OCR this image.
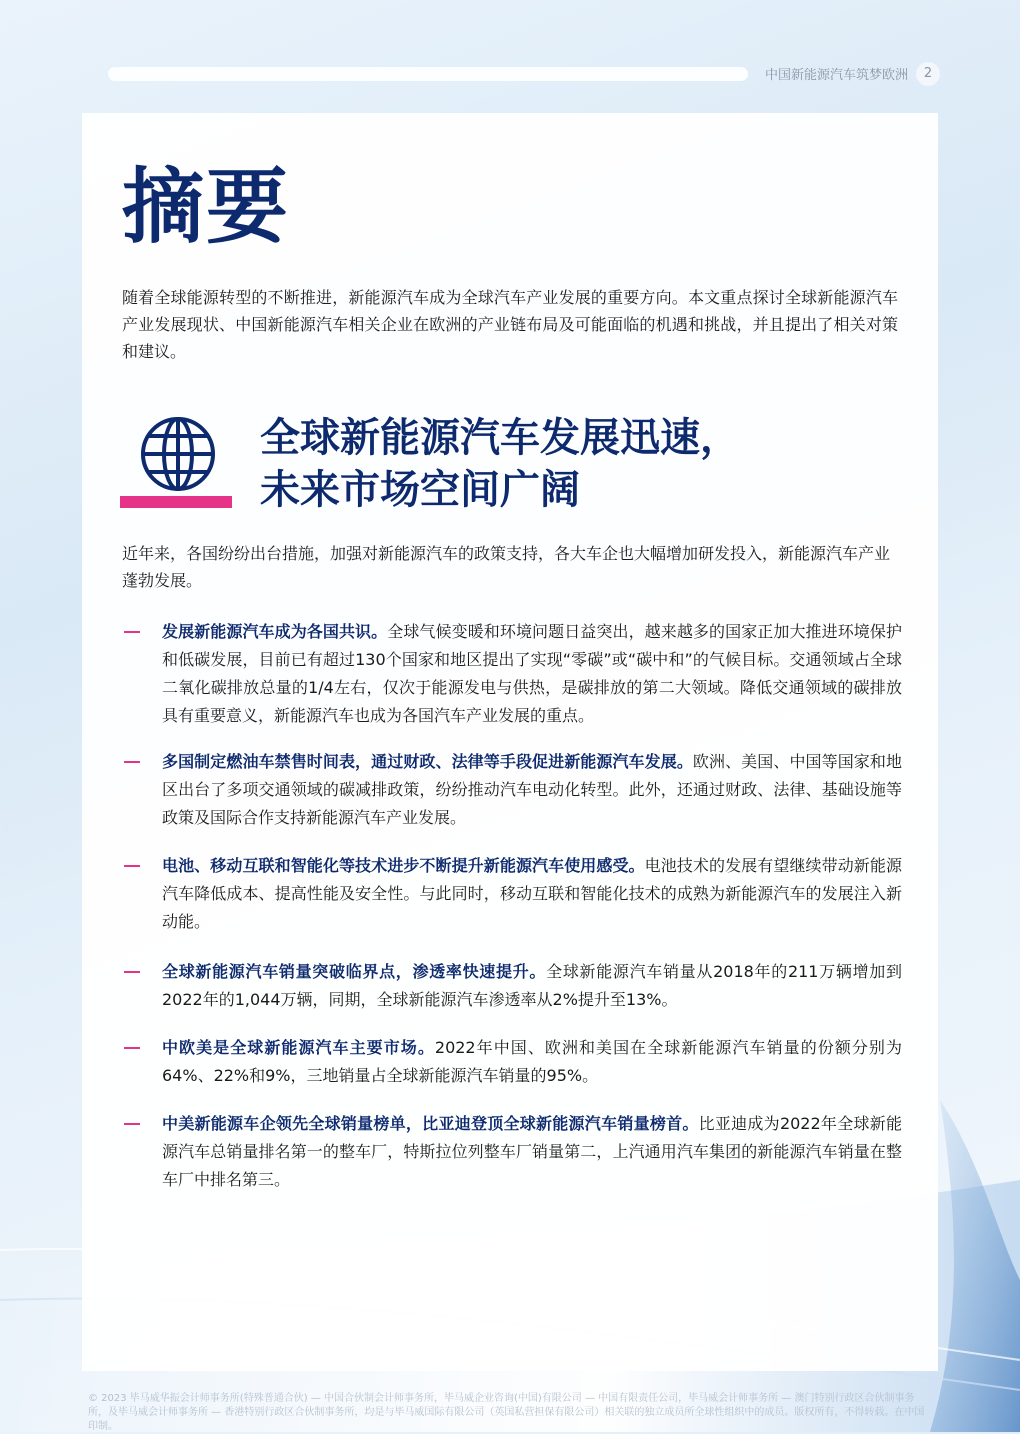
中国新能源汽车筑梦欧洲	2
摘要

随着全球能源转型的不断推进，新能源汽车成为全球汽车产业发展的重要方向。本文重点探讨全球新能源汽车产业发展现状、中国新能源汽车相关企业在欧洲的产业链布局及可能面临的机遇和挑战，并且提出了相关对策和建议。

全球新能源汽车发展迅速，
未来市场空间广阔

近年来，各国纷纷出台措施，加强对新能源汽车的政策支持，各大车企也大幅增加研发投入，新能源汽车产业蓬勃发展。

发展新能源汽车成为各国共识。全球气候变暖和环境问题日益突出，越来越多的国家正加大推进环境保护和低碳发展，目前已有超过130个国家和地区提出了实现“零碳”或“碳中和”的气候目标。交通领域占全球二氧化碳排放总量的1/4左右，仅次于能源发电与供热，是碳排放的第二大领域。降低交通领域的碳排放具有重要意义，新能源汽车也成为各国汽车产业发展的重点。
多国制定燃油车禁售时间表，通过财政、法律等手段促进新能源汽车发展。欧洲、美国、中国等国家和地区出台了多项交通领域的碳减排政策，纷纷推动汽车电动化转型。此外，还通过财政、法律、基础设施等政策及国际合作支持新能源汽车产业发展。
电池、移动互联和智能化等技术进步不断提升新能源汽车使用感受。电池技术的发展有望继续带动新能源汽车降低成本、提高性能及安全性。与此同时，移动互联和智能化技术的成熟为新能源汽车的发展注入新动能。
全球新能源汽车销量突破临界点，渗透率快速提升。全球新能源汽车销量从2018年的211万辆增加到2022年的1,044万辆，同期，全球新能源汽车渗透率从2%提升至13%。
中欧美是全球新能源汽车主要市场。2022年中国、欧洲和美国在全球新能源汽车销量的份额分别为64%、22%和9%，三地销量占全球新能源汽车销量的95%。
中美新能源车企领先全球销量榜单，比亚迪登顶全球新能源汽车销量榜首。比亚迪成为2022年全球新能源汽车总销量排名第一的整车厂，特斯拉位列整车厂销量第二，上汽通用汽车集团的新能源汽车销量在整车厂中排名第三。

© 2023 毕马威华振会计师事务所(特殊普通合伙) — 中国合伙制会计师事务所，毕马威企业咨询(中国)有限公司 — 中国有限责任公司，毕马威会计师事务所 — 澳门特别行政区合伙制事务所，及毕马威会计师事务所 — 香港特别行政区合伙制事务所，均是与毕马威国际有限公司（英国私营担保有限公司）相关联的独立成员所全球性组织中的成员。版权所有，不得转载。在中国印制。
